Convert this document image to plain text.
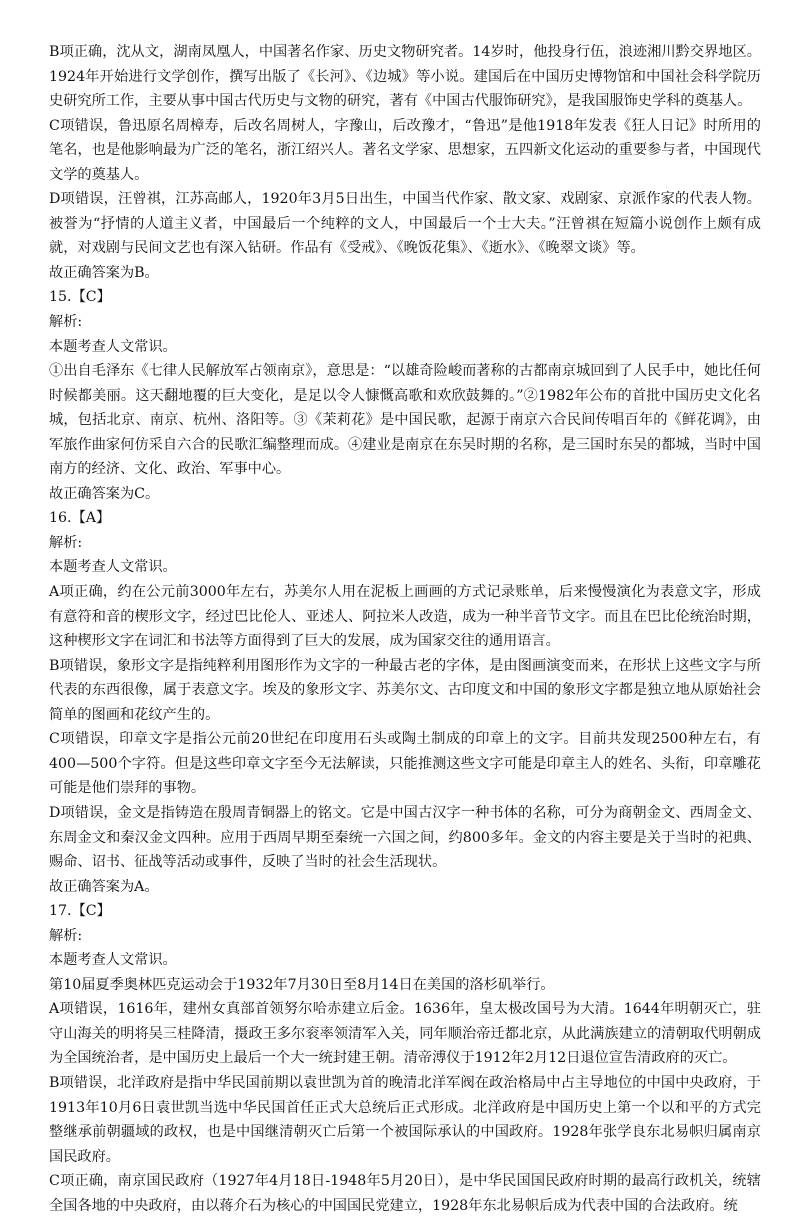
B项正确，沈从文，湖南凤凰人，中国著名作家、历史文物研究者。14岁时，他投身行伍，浪迹湘川黔交界地区。1924年开始进行文学创作，撰写出版了《长河》、《边城》等小说。建国后在中国历史博物馆和中国社会科学院历史研究所工作，主要从事中国古代历史与文物的研究，著有《中国古代服饰研究》，是我国服饰史学科的奠基人。

C项错误，鲁迅原名周樟寿，后改名周树人，字豫山，后改豫才，“鲁迅”是他1918年发表《狂人日记》时所用的笔名，也是他影响最为广泛的笔名，浙江绍兴人。著名文学家、思想家，五四新文化运动的重要参与者，中国现代文学的奠基人。

D项错误，汪曾祺，江苏高邮人，1920年3月5日出生，中国当代作家、散文家、戏剧家、京派作家的代表人物。被誉为“抒情的人道主义者，中国最后一个纯粹的文人，中国最后一个士大夫。”汪曾祺在短篇小说创作上颇有成就，对戏剧与民间文艺也有深入钻研。作品有《受戒》、《晚饭花集》、《逝水》、《晚翠文谈》等。

故正确答案为B。

15.【C】

解析:

本题考查人文常识。

①出自毛泽东《七律人民解放军占领南京》，意思是：“以雄奇险峻而著称的古都南京城回到了人民手中，她比任何时候都美丽。这天翻地覆的巨大变化，是足以令人慷慨高歌和欢欣鼓舞的。”②1982年公布的首批中国历史文化名城，包括北京、南京、杭州、洛阳等。③《茉莉花》是中国民歌，起源于南京六合民间传唱百年的《鲜花调》，由军旅作曲家何仿采自六合的民歌汇编整理而成。④建业是南京在东吴时期的名称，是三国时东吴的都城，当时中国南方的经济、文化、政治、军事中心。

故正确答案为C。

16.【A】

解析:

本题考查人文常识。

A项正确，约在公元前3000年左右，苏美尔人用在泥板上画画的方式记录账单，后来慢慢演化为表意文字，形成有意符和音的楔形文字，经过巴比伦人、亚述人、阿拉米人改造，成为一种半音节文字。而且在巴比伦统治时期，这种楔形文字在词汇和书法等方面得到了巨大的发展，成为国家交往的通用语言。

B项错误，象形文字是指纯粹利用图形作为文字的一种最古老的字体，是由图画演变而来，在形状上这些文字与所代表的东西很像，属于表意文字。埃及的象形文字、苏美尔文、古印度文和中国的象形文字都是独立地从原始社会简单的图画和花纹产生的。

C项错误，印章文字是指公元前20世纪在印度用石头或陶土制成的印章上的文字。目前共发现2500种左右，有400—500个字符。但是这些印章文字至今无法解读，只能推测这些文字可能是印章主人的姓名、头衔，印章雕花可能是他们崇拜的事物。

D项错误，金文是指铸造在殷周青铜器上的铭文。它是中国古汉字一种书体的名称，可分为商朝金文、西周金文、东周金文和秦汉金文四种。应用于西周早期至秦统一六国之间，约800多年。金文的内容主要是关于当时的祀典、赐命、诏书、征战等活动或事件，反映了当时的社会生活现状。

故正确答案为A。

17.【C】

解析:

本题考查人文常识。

第10届夏季奥林匹克运动会于1932年7月30日至8月14日在美国的洛杉矶举行。

A项错误，1616年，建州女真部首领努尔哈赤建立后金。1636年，皇太极改国号为大清。1644年明朝灭亡，驻守山海关的明将吴三桂降清，摄政王多尔衮率领清军入关，同年顺治帝迁都北京，从此满族建立的清朝取代明朝成为全国统治者，是中国历史上最后一个大一统封建王朝。清帝溥仪于1912年2月12日退位宣告清政府的灭亡。

B项错误，北洋政府是指中华民国前期以袁世凯为首的晚清北洋军阀在政治格局中占主导地位的中国中央政府，于1913年10月6日袁世凯当选中华民国首任正式大总统后正式形成。北洋政府是中国历史上第一个以和平的方式完整继承前朝疆域的政权，也是中国继清朝灭亡后第一个被国际承认的中国政府。1928年张学良东北易帜归属南京国民政府。

C项正确，南京国民政府（1927年4月18日-1948年5月20日），是中华民国国民政府时期的最高行政机关，统辖全国各地的中央政府，由以蒋介石为核心的中国国民党建立，1928年东北易帜后成为代表中国的合法政府。统
